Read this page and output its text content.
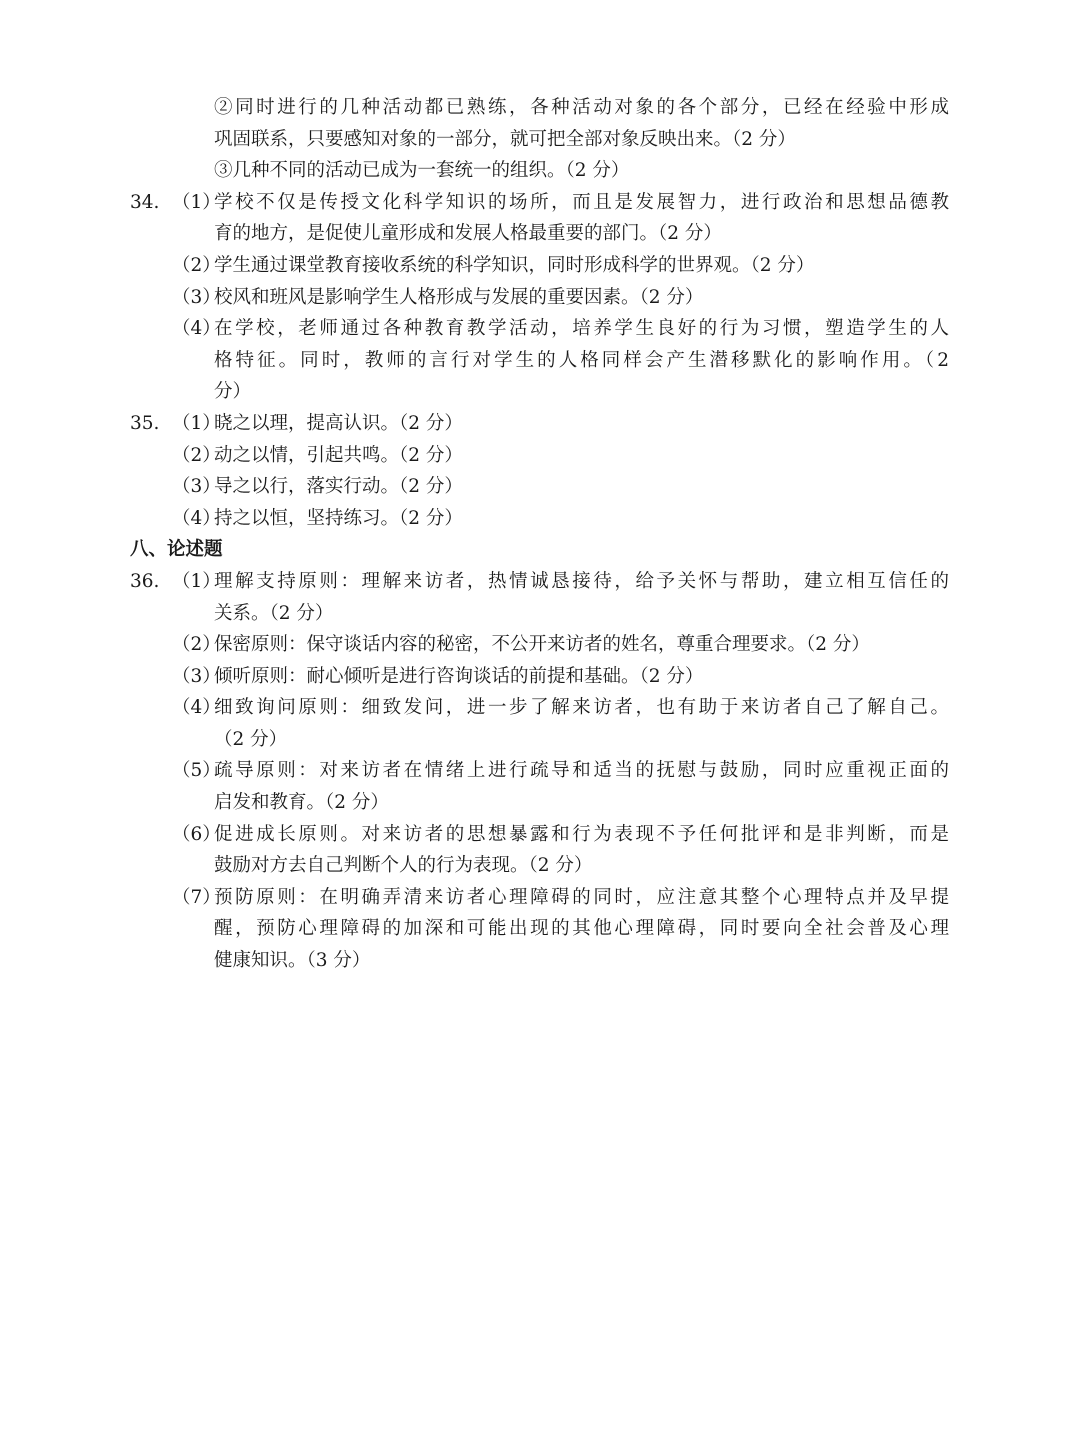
②同时进行的几种活动都已熟练，各种活动对象的各个部分，已经在经验中形成
巩固联系，只要感知对象的一部分，就可把全部对象反映出来。（2 分）
③几种不同的活动已成为一套统一的组织。（2 分）
34. （1）
学校不仅是传授文化科学知识的场所，而且是发展智力，进行政治和思想品德教
育的地方，是促使儿童形成和发展人格最重要的部门。（2 分）
（2）
学生通过课堂教育接收系统的科学知识，同时形成科学的世界观。（2 分）
（3）
校风和班风是影响学生人格形成与发展的重要因素。（2 分）
（4）
在学校，老师通过各种教育教学活动，培养学生良好的行为习惯，塑造学生的人
格特征。同时，教师的言行对学生的人格同样会产生潜移默化的影响作用。（2
分）
35. （1）
晓之以理，提高认识。（2 分）
（2）
动之以情，引起共鸣。（2 分）
（3）
导之以行，落实行动。（2 分）
（4）
持之以恒，坚持练习。（2 分）
八、论述题
36. （1）
理解支持原则：理解来访者，热情诚恳接待，给予关怀与帮助，建立相互信任的
关系。（2 分）
（2）
保密原则：保守谈话内容的秘密，不公开来访者的姓名，尊重合理要求。（2 分）
（3）
倾听原则：耐心倾听是进行咨询谈话的前提和基础。（2 分）
（4）
细致询问原则：细致发问，进一步了解来访者，也有助于来访者自己了解自己。
（2 分）
（5）
疏导原则：对来访者在情绪上进行疏导和适当的抚慰与鼓励，同时应重视正面的
启发和教育。（2 分）
（6）
促进成长原则。对来访者的思想暴露和行为表现不予任何批评和是非判断，而是
鼓励对方去自己判断个人的行为表现。（2 分）
（7）
预防原则：在明确弄清来访者心理障碍的同时，应注意其整个心理特点并及早提
醒，预防心理障碍的加深和可能出现的其他心理障碍，同时要向全社会普及心理
健康知识。（3 分）
